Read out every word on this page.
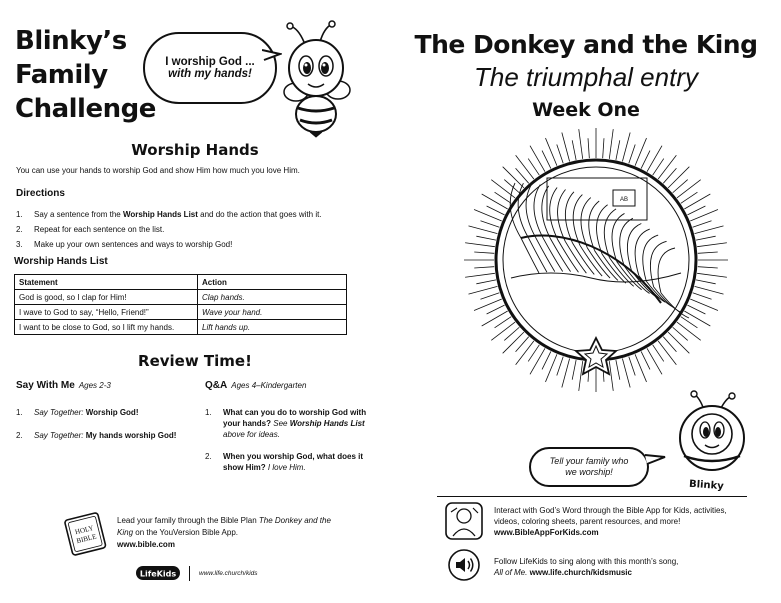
Blinky’s
Family
Challenge
I worship God ...
with my hands!
Worship Hands
You can use your hands to worship God and show Him how much you love Him.
Directions
1.	Say a sentence from the Worship Hands List and do the action that goes with it.
2.	Repeat for each sentence on the list.
3.	Make up your own sentences and ways to worship God!
Worship Hands List
Statement	Action
God is good, so I clap for Him!	Clap hands.
I wave to God to say, “Hello, Friend!”	Wave your hand.
I want to be close to God, so I lift my hands.	Lift hands up.
Review Time!
Say With Me Ages 2-3
1.	Say Together: Worship God!
2.	Say Together: My hands worship God!
Q&A Ages 4–Kindergarten
1.	What can you do to worship God with your hands? See Worship Hands List above for ideas.
2.	When you worship God, what does it show Him? I love Him.
HOLY
BIBLE
Lead your family through the Bible Plan The Donkey and the King on the YouVersion Bible App.
www.bible.com
LifeKids	www.life.church/kids
The Donkey and the King
The triumphal entry
Week One
AB
Tell your family who
we worship!
Blinky
Interact with God’s Word through the Bible App for Kids, activities, videos, coloring sheets, parent resources, and more!
www.BibleAppForKids.com
Follow LifeKids to sing along with this month’s song,
All of Me. www.life.church/kidsmusic
